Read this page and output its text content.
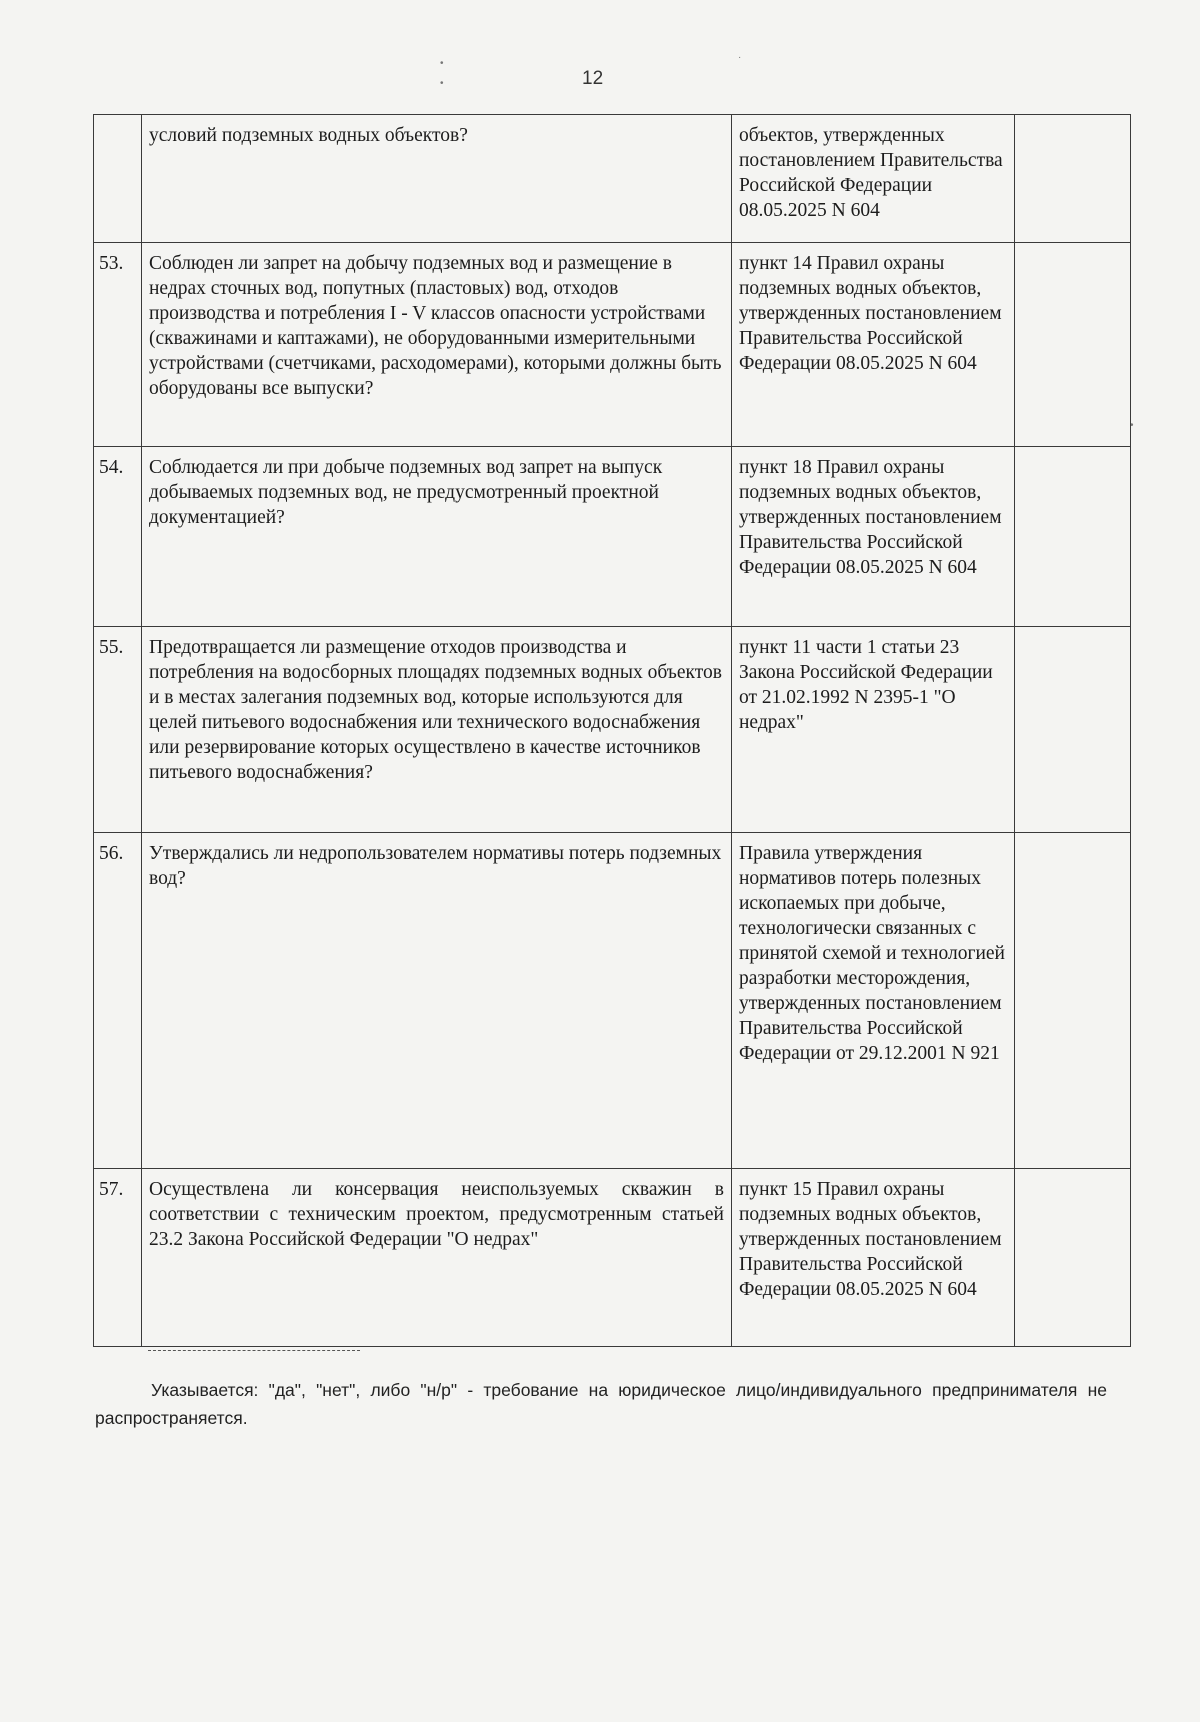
12
•
•
·
•
	условий подземных водных объектов?	объектов, утвержденных постановлением Правительства Российской Федерации 08.05.2025 N 604	
53.	Соблюден ли запрет на добычу подземных вод и размещение в недрах сточных вод, попутных (пластовых) вод, отходов производства и потребления I - V классов опасности устройствами (скважинами и каптажами), не оборудованными измерительными устройствами (счетчиками, расходомерами), которыми должны быть оборудованы все выпуски?	пункт 14 Правил охраны подземных водных объектов, утвержденных постановлением Правительства Российской Федерации 08.05.2025 N 604	
54.	Соблюдается ли при добыче подземных вод запрет на выпуск добываемых подземных вод, не предусмотренный проектной документацией?	пункт 18 Правил охраны подземных водных объектов, утвержденных постановлением Правительства Российской Федерации 08.05.2025 N 604	
55.	Предотвращается ли размещение отходов производства и потребления на водосборных площадях подземных водных объектов и в местах залегания подземных вод, которые используются для целей питьевого водоснабжения или технического водоснабжения или резервирование которых осуществлено в качестве источников питьевого водоснабжения?	пункт 11 части 1 статьи 23 Закона Российской Федерации от 21.02.1992 N 2395-1 "О недрах"	
56.	Утверждались ли недропользователем нормативы потерь подземных вод?	Правила утверждения нормативов потерь полезных ископаемых при добыче, технологически связанных с принятой схемой и технологией разработки месторождения, утвержденных постановлением Правительства Российской Федерации от 29.12.2001 N 921	
57.	Осуществлена ли консервация неиспользуемых скважин в соответствии с техническим проектом, предусмотренным статьей 23.2 Закона Российской Федерации "О недрах"	пункт 15 Правил охраны подземных водных объектов, утвержденных постановлением Правительства Российской Федерации 08.05.2025 N 604	
Указывается: "да", "нет", либо "н/р" - требование на юридическое лицо/индивидуального предпринимателя не распространяется.
